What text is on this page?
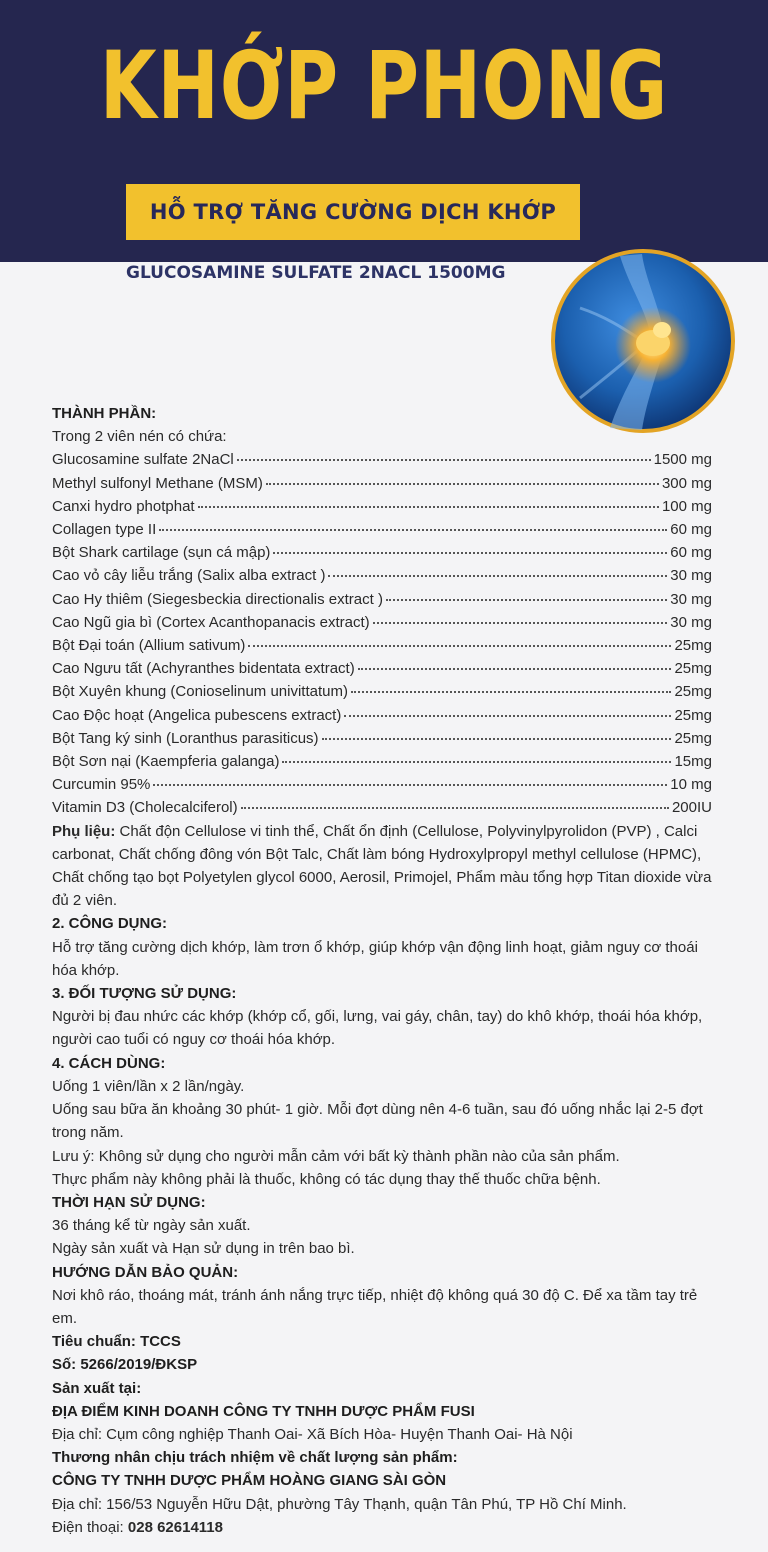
KHỚP PHONG
HỖ TRỢ TĂNG CƯỜNG DỊCH KHỚP
GLUCOSAMINE SULFATE 2NACL 1500MG
THÀNH PHẦN:
Trong 2 viên nén có chứa:
Glucosamine sulfate 2NaCl	1500 mg
Methyl sulfonyl Methane (MSM)	300 mg
Canxi hydro photphat	100 mg
Collagen type II	60 mg
Bột Shark cartilage (sụn cá mập)	60 mg
Cao vỏ cây liễu trắng (Salix alba extract )	30 mg
Cao Hy thiêm (Siegesbeckia directionalis extract )	30 mg
Cao Ngũ gia bì (Cortex Acanthopanacis extract)	30 mg
Bột Đại toán (Allium sativum)	25mg
Cao Ngưu tất (Achyranthes bidentata extract)	25mg
Bột Xuyên khung (Conioselinum univittatum)	25mg
Cao Độc hoạt (Angelica pubescens extract)	25mg
Bột Tang ký sinh (Loranthus parasiticus)	25mg
Bột Sơn nại (Kaempferia galanga)	15mg
Curcumin 95%	10 mg
Vitamin D3 (Cholecalciferol)	200IU

Phụ liệu: Chất độn Cellulose vi tinh thể, Chất ổn định (Cellulose, Polyvinylpyrolidon (PVP) , Calci carbonat, Chất chống đông vón Bột Talc, Chất làm bóng Hydroxylpropyl methyl cellulose (HPMC), Chất chống tạo bọt Polyetylen glycol 6000, Aerosil, Primojel, Phẩm màu tổng hợp Titan dioxide vừa đủ 2 viên.

2. CÔNG DỤNG:

Hỗ trợ tăng cường dịch khớp, làm trơn ổ khớp, giúp khớp vận động linh hoạt, giảm nguy cơ thoái hóa khớp.

3. ĐỐI TƯỢNG SỬ DỤNG:

Người bị đau nhức các khớp (khớp cổ, gối, lưng, vai gáy, chân, tay) do khô khớp, thoái hóa khớp, người cao tuổi có nguy cơ thoái hóa khớp.

4. CÁCH DÙNG:

Uống 1 viên/lần x 2 lần/ngày.

Uống sau bữa ăn khoảng 30 phút- 1 giờ. Mỗi đợt dùng nên 4-6 tuần, sau đó uống nhắc lại 2-5 đợt trong năm.

Lưu ý: Không sử dụng cho người mẫn cảm với bất kỳ thành phần nào của sản phẩm.

Thực phẩm này không phải là thuốc, không có tác dụng thay thế thuốc chữa bệnh.

THỜI HẠN SỬ DỤNG:

36 tháng kể từ ngày sản xuất.

Ngày sản xuất và Hạn sử dụng in trên bao bì.

HƯỚNG DẪN BẢO QUẢN:

Nơi khô ráo, thoáng mát, tránh ánh nắng trực tiếp, nhiệt độ không quá 30 độ C. Để xa tầm tay trẻ em.

Tiêu chuẩn: TCCS
Số: 5266/2019/ĐKSP
Sản xuất tại:
ĐỊA ĐIỂM KINH DOANH CÔNG TY TNHH DƯỢC PHẨM FUSI
Địa chỉ: Cụm công nghiệp Thanh Oai- Xã Bích Hòa- Huyện Thanh Oai- Hà Nội
Thương nhân chịu trách nhiệm về chất lượng sản phẩm:
CÔNG TY TNHH DƯỢC PHẨM HOÀNG GIANG SÀI GÒN
Địa chỉ: 156/53 Nguyễn Hữu Dật, phường Tây Thạnh, quận Tân Phú, TP Hồ Chí Minh.
Điện thoại: 028 62614118
